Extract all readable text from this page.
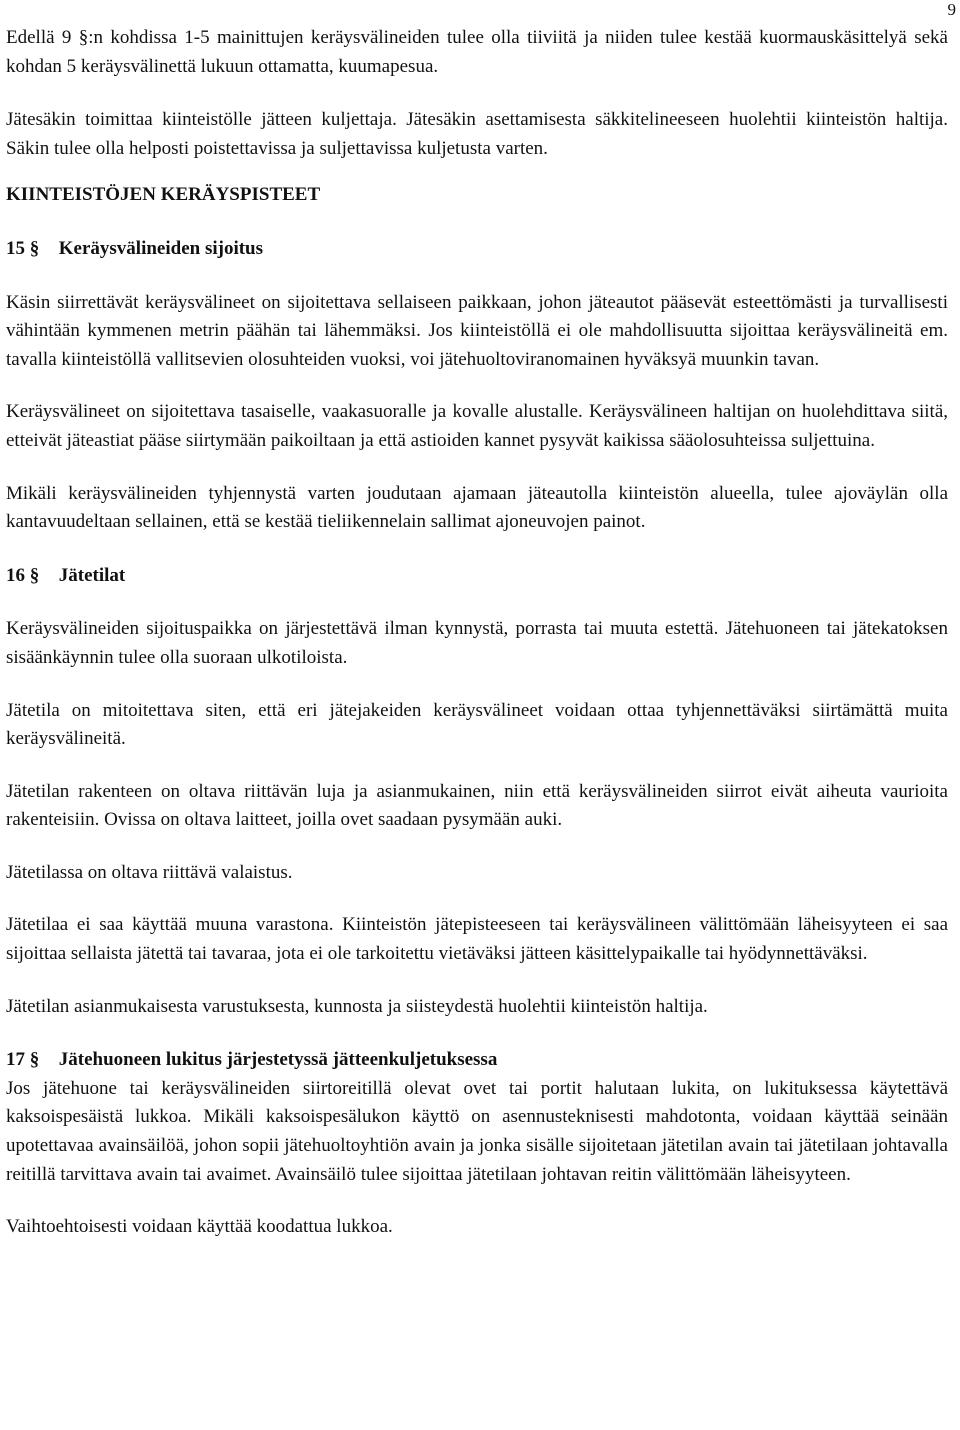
9

Edellä 9 §:n kohdissa 1-5 mainittujen keräysvälineiden tulee olla tiiviitä ja niiden tulee kestää kuormauskäsittelyä sekä kohdan 5 keräysvälinettä lukuun ottamatta, kuumapesua.

Jätesäkin toimittaa kiinteistölle jätteen kuljettaja. Jätesäkin asettamisesta säkkitelineeseen huolehtii kiinteistön haltija. Säkin tulee olla helposti poistettavissa ja suljettavissa kuljetusta varten.

KIINTEISTÖJEN KERÄYSPISTEET
15 § Keräysvälineiden sijoitus

Käsin siirrettävät keräysvälineet on sijoitettava sellaiseen paikkaan, johon jäteautot pääsevät esteettömästi ja turvallisesti vähintään kymmenen metrin päähän tai lähemmäksi. Jos kiinteistöllä ei ole mahdollisuutta sijoittaa keräysvälineitä em. tavalla kiinteistöllä vallitsevien olosuhteiden vuoksi, voi jätehuoltoviranomainen hyväksyä muunkin tavan.

Keräysvälineet on sijoitettava tasaiselle, vaakasuoralle ja kovalle alustalle. Keräysvälineen haltijan on huolehdittava siitä, etteivät jäteastiat pääse siirtymään paikoiltaan ja että astioiden kannet pysyvät kaikissa sääolosuhteissa suljettuina.

Mikäli keräysvälineiden tyhjennystä varten joudutaan ajamaan jäteautolla kiinteistön alueella, tulee ajoväylän olla kantavuudeltaan sellainen, että se kestää tieliikennelain sallimat ajoneuvojen painot.

16 § Jätetilat

Keräysvälineiden sijoituspaikka on järjestettävä ilman kynnystä, porrasta tai muuta estettä. Jätehuoneen tai jätekatoksen sisäänkäynnin tulee olla suoraan ulkotiloista.

Jätetila on mitoitettava siten, että eri jätejakeiden keräysvälineet voidaan ottaa tyhjennettäväksi siirtämättä muita keräysvälineitä.

Jätetilan rakenteen on oltava riittävän luja ja asianmukainen, niin että keräysvälineiden siirrot eivät aiheuta vaurioita rakenteisiin. Ovissa on oltava laitteet, joilla ovet saadaan pysymään auki.

Jätetilassa on oltava riittävä valaistus.

Jätetilaa ei saa käyttää muuna varastona. Kiinteistön jätepisteeseen tai keräysvälineen välittömään läheisyyteen ei saa sijoittaa sellaista jätettä tai tavaraa, jota ei ole tarkoitettu vietäväksi jätteen käsittelypaikalle tai hyödynnettäväksi.

Jätetilan asianmukaisesta varustuksesta, kunnosta ja siisteydestä huolehtii kiinteistön haltija.

17 § Jätehuoneen lukitus järjestetyssä jätteenkuljetuksessa

Jos jätehuone tai keräysvälineiden siirtoreitillä olevat ovet tai portit halutaan lukita, on lukituksessa käytettävä kaksoispesäistä lukkoa. Mikäli kaksoispesälukon käyttö on asennusteknisesti mahdotonta, voidaan käyttää seinään upotettavaa avainsäilöä, johon sopii jätehuoltoyhtiön avain ja jonka sisälle sijoitetaan jätetilan avain tai jätetilaan johtavalla reitillä tarvittava avain tai avaimet. Avainsäilö tulee sijoittaa jätetilaan johtavan reitin välittömään läheisyyteen.

Vaihtoehtoisesti voidaan käyttää koodattua lukkoa.
